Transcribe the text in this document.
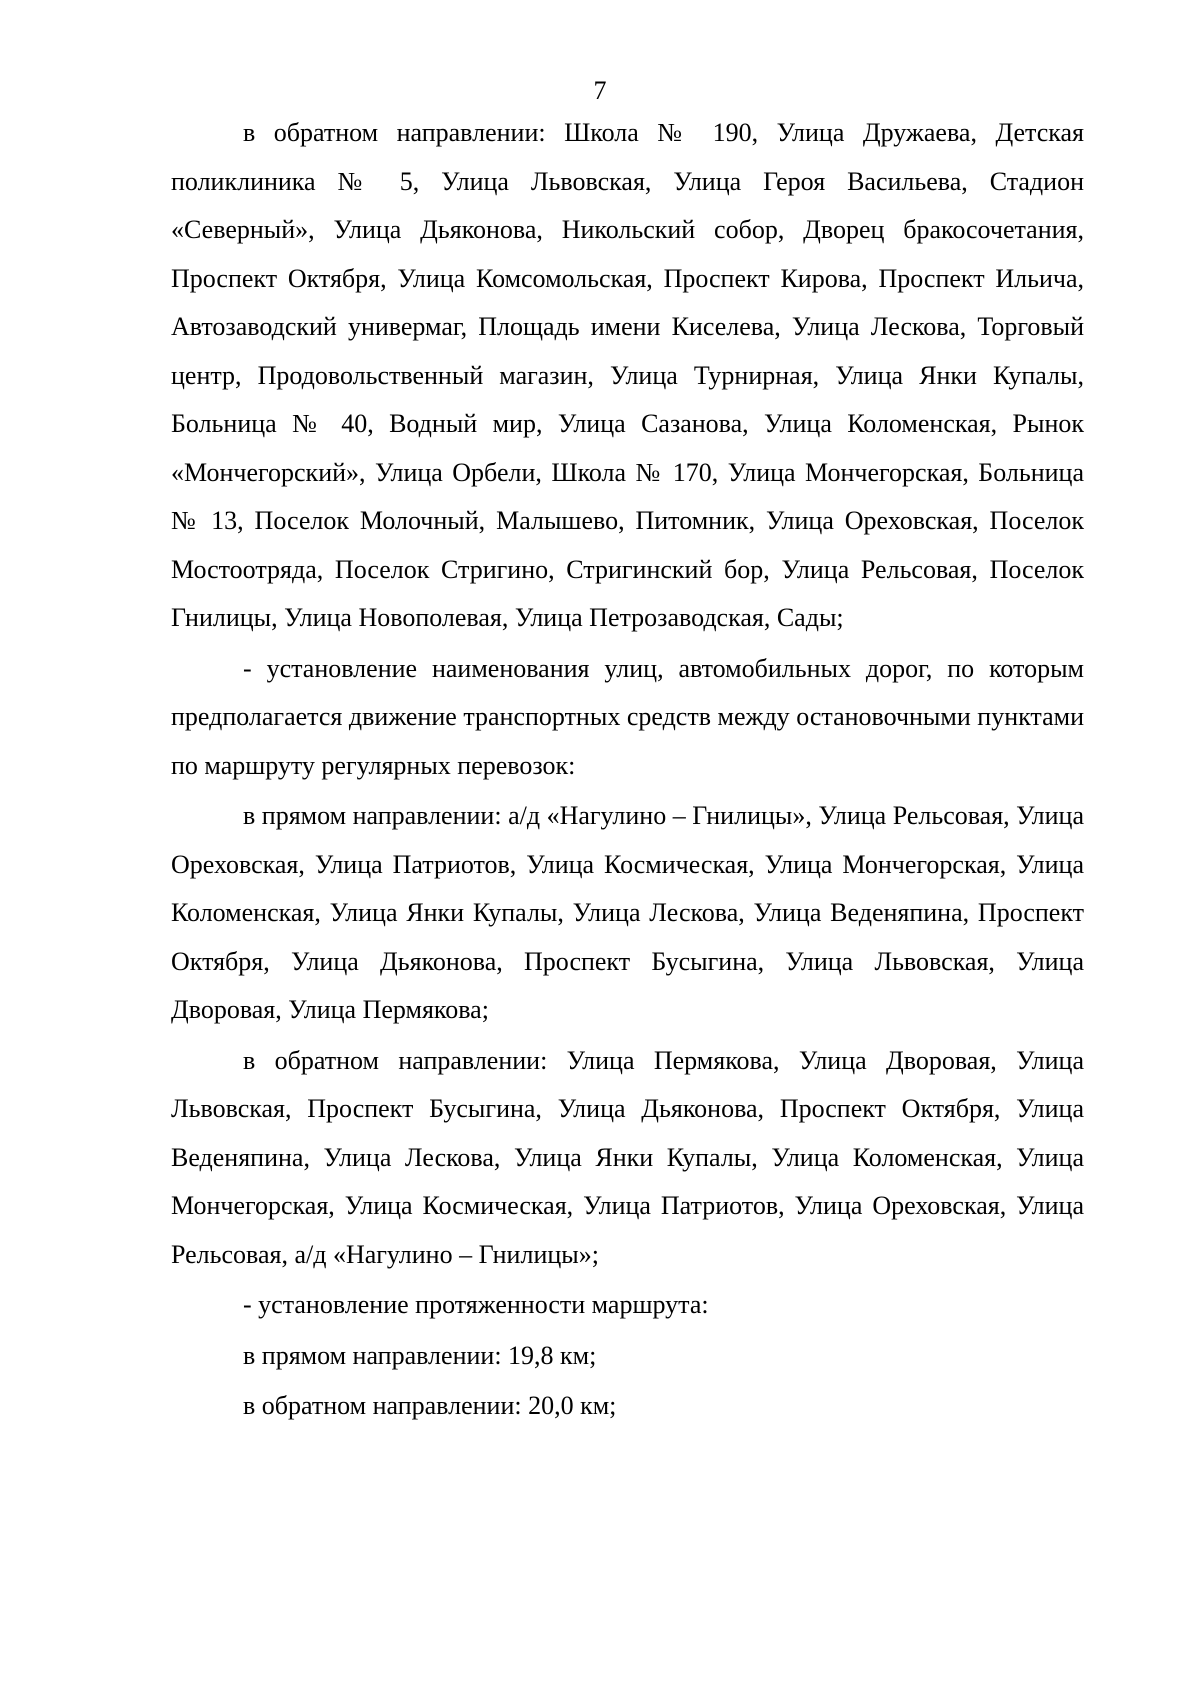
7

в обратном направлении: Школа № 190, Улица Дружаева, Детская поликлиника № 5, Улица Львовская, Улица Героя Васильева, Стадион «Северный», Улица Дьяконова, Никольский собор, Дворец бракосочетания, Проспект Октября, Улица Комсомольская, Проспект Кирова, Проспект Ильича, Автозаводский универмаг, Площадь имени Киселева, Улица Лескова, Торговый центр, Продовольственный магазин, Улица Турнирная, Улица Янки Купалы, Больница № 40, Водный мир, Улица Сазанова, Улица Коломенская, Рынок «Мончегорский», Улица Орбели, Школа № 170, Улица Мончегорская, Больница № 13, Поселок Молочный, Малышево, Питомник, Улица Ореховская, Поселок Мостоотряда, Поселок Стригино, Стригинский бор, Улица Рельсовая, Поселок Гнилицы, Улица Новополевая, Улица Петрозаводская, Сады;

- установление наименования улиц, автомобильных дорог, по которым предполагается движение транспортных средств между остановочными пунктами по маршруту регулярных перевозок:

в прямом направлении: а/д «Нагулино – Гнилицы», Улица Рельсовая, Улица Ореховская, Улица Патриотов, Улица Космическая, Улица Мончегорская, Улица Коломенская, Улица Янки Купалы, Улица Лескова, Улица Веденяпина, Проспект Октября, Улица Дьяконова, Проспект Бусыгина, Улица Львовская, Улица Дворовая, Улица Пермякова;

в обратном направлении: Улица Пермякова, Улица Дворовая, Улица Львовская, Проспект Бусыгина, Улица Дьяконова, Проспект Октября, Улица Веденяпина, Улица Лескова, Улица Янки Купалы, Улица Коломенская, Улица Мончегорская, Улица Космическая, Улица Патриотов, Улица Ореховская, Улица Рельсовая, а/д «Нагулино – Гнилицы»;

- установление протяженности маршрута:

в прямом направлении: 19,8 км;

в обратном направлении: 20,0 км;
